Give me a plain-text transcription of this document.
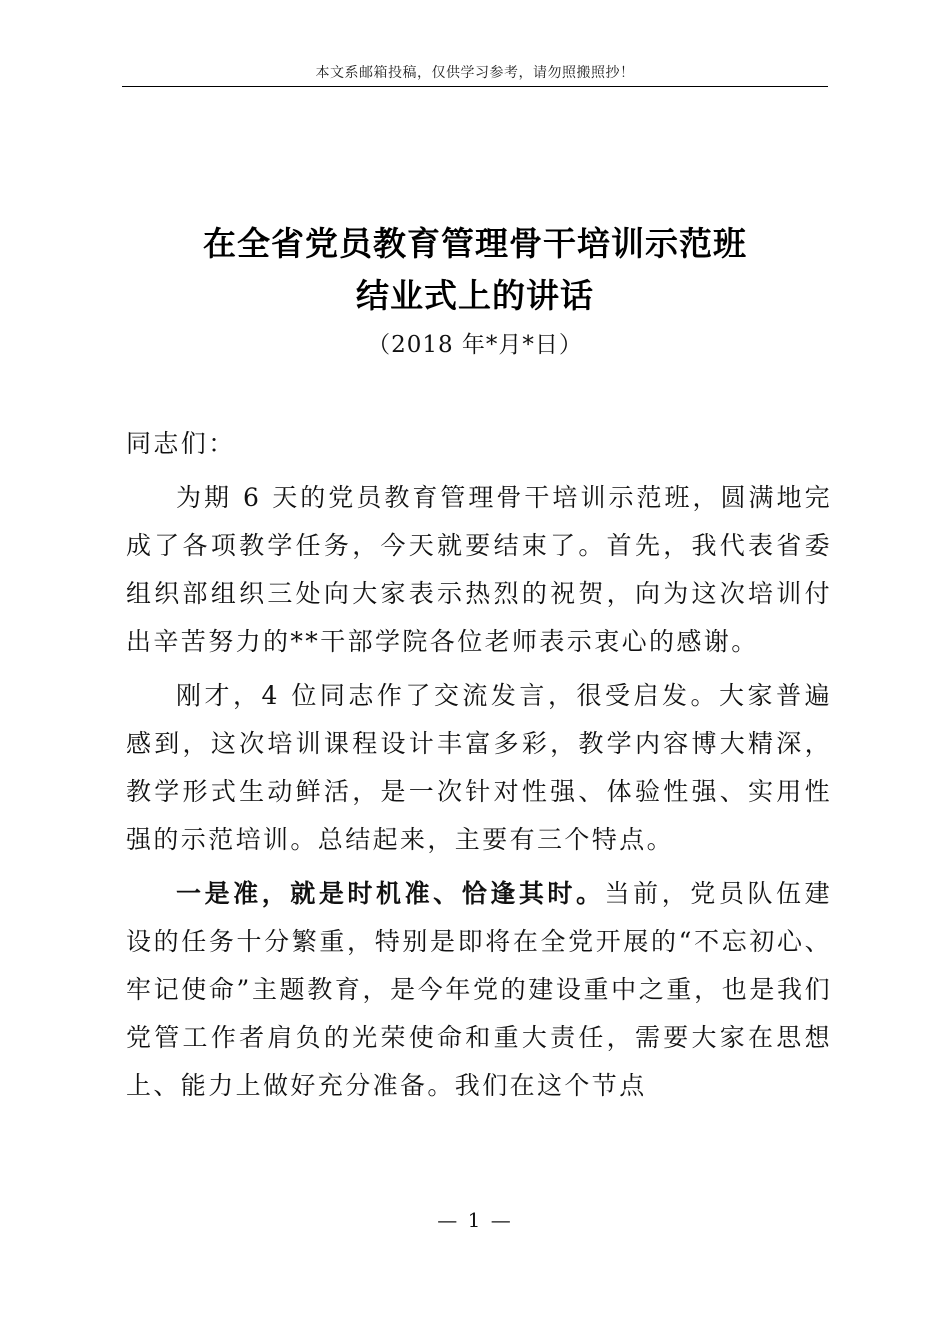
本文系邮箱投稿，仅供学习参考，请勿照搬照抄！
在全省党员教育管理骨干培训示范班
结业式上的讲话
（2018 年*月*日）

同志们：

为期 6 天的党员教育管理骨干培训示范班，圆满地完成了各项教学任务，今天就要结束了。首先，我代表省委组织部组织三处向大家表示热烈的祝贺，向为这次培训付出辛苦努力的**干部学院各位老师表示衷心的感谢。

刚才，4 位同志作了交流发言，很受启发。大家普遍感到，这次培训课程设计丰富多彩，教学内容博大精深，教学形式生动鲜活，是一次针对性强、体验性强、实用性强的示范培训。总结起来，主要有三个特点。

一是准，就是时机准、恰逢其时。当前，党员队伍建设的任务十分繁重，特别是即将在全党开展的“不忘初心、牢记使命”主题教育，是今年党的建设重中之重，也是我们党管工作者肩负的光荣使命和重大责任，需要大家在思想上、能力上做好充分准备。我们在这个节点

— 1 —
